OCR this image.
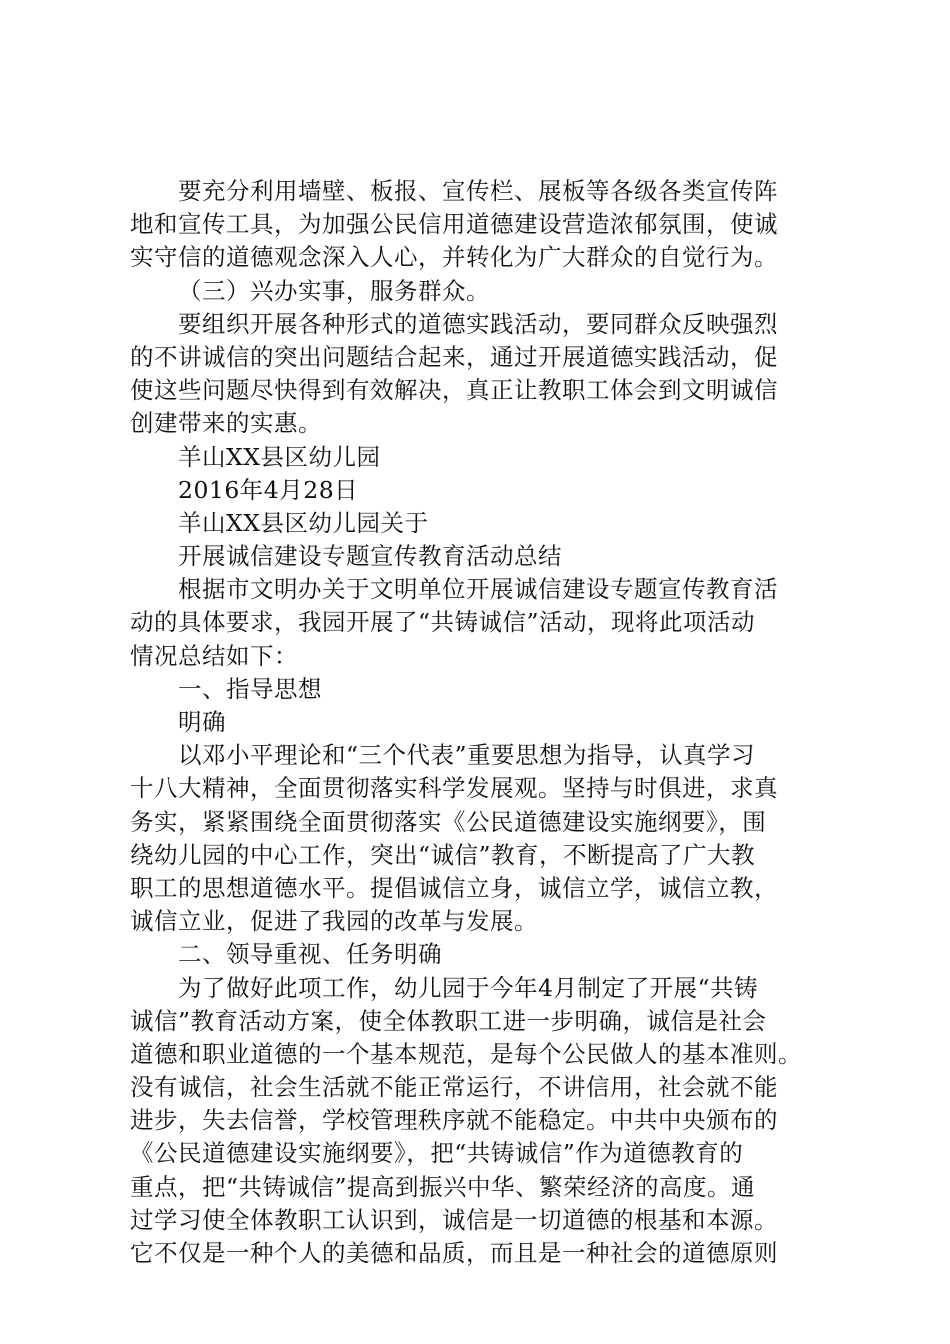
要充分利用墙壁、板报、宣传栏、展板等各级各类宣传阵
地和宣传工具，为加强公民信用道德建设营造浓郁氛围，使诚
实守信的道德观念深入人心，并转化为广大群众的自觉行为。
（三）兴办实事，服务群众。
要组织开展各种形式的道德实践活动，要同群众反映强烈
的不讲诚信的突出问题结合起来，通过开展道德实践活动，促
使这些问题尽快得到有效解决，真正让教职工体会到文明诚信
创建带来的实惠。
羊山XX县区幼儿园
2016年4月28日
羊山XX县区幼儿园关于
开展诚信建设专题宣传教育活动总结
根据市文明办关于文明单位开展诚信建设专题宣传教育活
动的具体要求，我园开展了“共铸诚信”活动，现将此项活动
情况总结如下：
一、指导思想
明确
以邓小平理论和“三个代表”重要思想为指导，认真学习
十八大精神，全面贯彻落实科学发展观。坚持与时俱进，求真
务实，紧紧围绕全面贯彻落实《公民道德建设实施纲要》，围
绕幼儿园的中心工作，突出“诚信”教育，不断提高了广大教
职工的思想道德水平。提倡诚信立身，诚信立学，诚信立教，
诚信立业，促进了我园的改革与发展。
二、领导重视、任务明确
为了做好此项工作，幼儿园于今年4月制定了开展“共铸
诚信”教育活动方案，使全体教职工进一步明确，诚信是社会
道德和职业道德的一个基本规范，是每个公民做人的基本准则。
没有诚信，社会生活就不能正常运行，不讲信用，社会就不能
进步，失去信誉，学校管理秩序就不能稳定。中共中央颁布的
《公民道德建设实施纲要》，把“共铸诚信”作为道德教育的
重点，把“共铸诚信”提高到振兴中华、繁荣经济的高度。通
过学习使全体教职工认识到，诚信是一切道德的根基和本源。
它不仅是一种个人的美德和品质，而且是一种社会的道德原则
